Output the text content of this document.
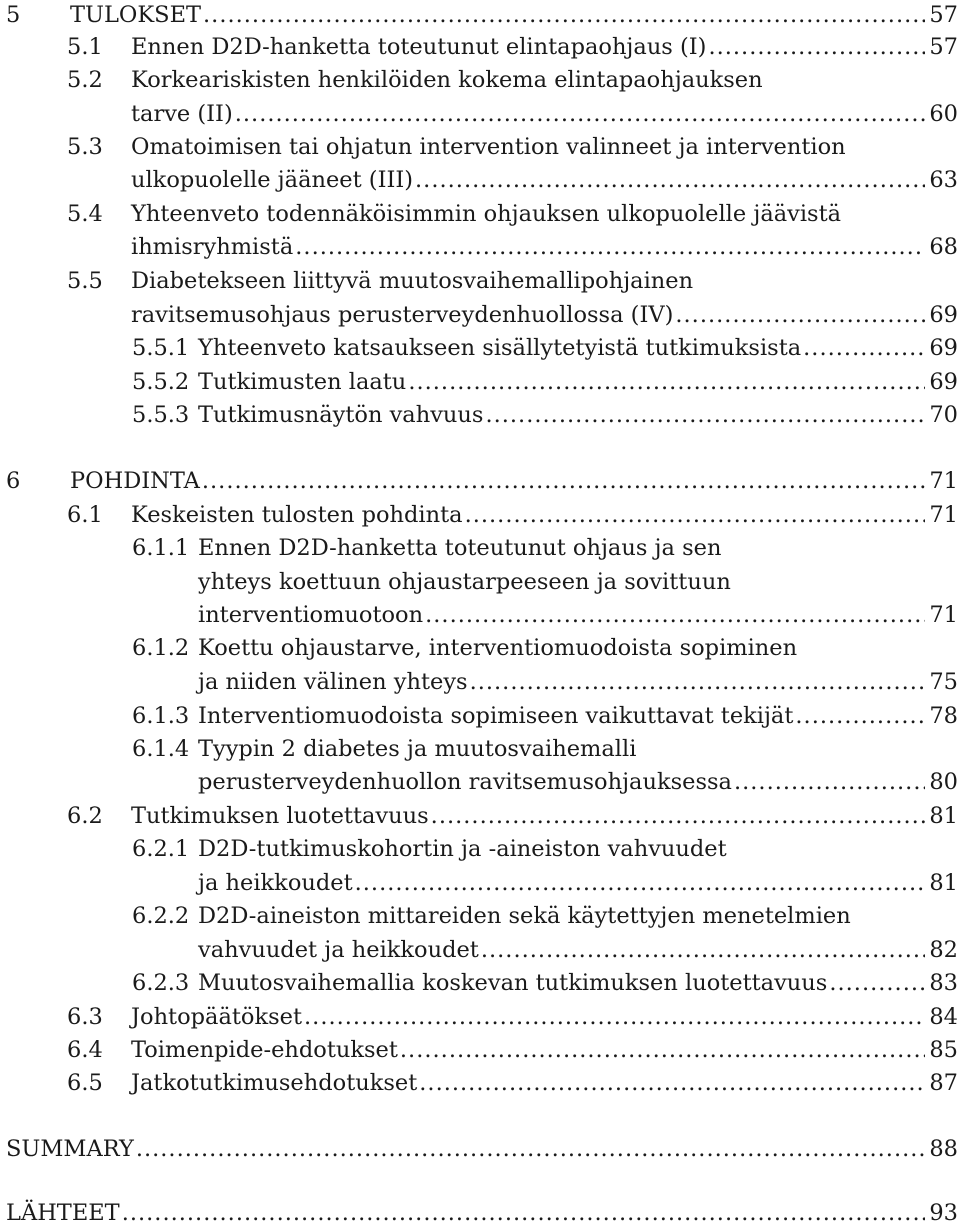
5 TULOKSET .....	57
5.1 Ennen D2D-hanketta toteutunut elintapaohjaus (I) .....	57
5.2 Korkeariskisten henkilöiden kokema elintapaohjauksen
tarve (II) .....	60
5.3 Omatoimisen tai ohjatun intervention valinneet ja intervention
ulkopuolelle jääneet (III) .....	63
5.4 Yhteenveto todennäköisimmin ohjauksen ulkopuolelle jäävistä
ihmisryhmistä .....	68
5.5 Diabetekseen liittyvä muutosvaihemallipohjainen
ravitsemusohjaus perusterveydenhuollossa (IV) .....	69
5.5.1 Yhteenveto katsaukseen sisällytetyistä tutkimuksista .....	69
5.5.2 Tutkimusten laatu .....	69
5.5.3 Tutkimusnäytön vahvuus .....	70
6 POHDINTA .....	71
6.1 Keskeisten tulosten pohdinta .....	71
6.1.1 Ennen D2D-hanketta toteutunut ohjaus ja sen
yhteys koettuun ohjaustarpeeseen ja sovittuun
interventiomuotoon .....	71
6.1.2 Koettu ohjaustarve, interventiomuodoista sopiminen
ja niiden välinen yhteys .....	75
6.1.3 Interventiomuodoista sopimiseen vaikuttavat tekijät .....	78
6.1.4 Tyypin 2 diabetes ja muutosvaihemalli
perusterveydenhuollon ravitsemusohjauksessa .....	80
6.2 Tutkimuksen luotettavuus .....	81
6.2.1 D2D-tutkimuskohortin ja -aineiston vahvuudet
ja heikkoudet .....	81
6.2.2 D2D-aineiston mittareiden sekä käytettyjen menetelmien
vahvuudet ja heikkoudet .....	82
6.2.3 Muutosvaihemallia koskevan tutkimuksen luotettavuus .....	83
6.3 Johtopäätökset .....	84
6.4 Toimenpide-ehdotukset .....	85
6.5 Jatkotutkimusehdotukset .....	87
SUMMARY .....	88
LÄHTEET .....	93
